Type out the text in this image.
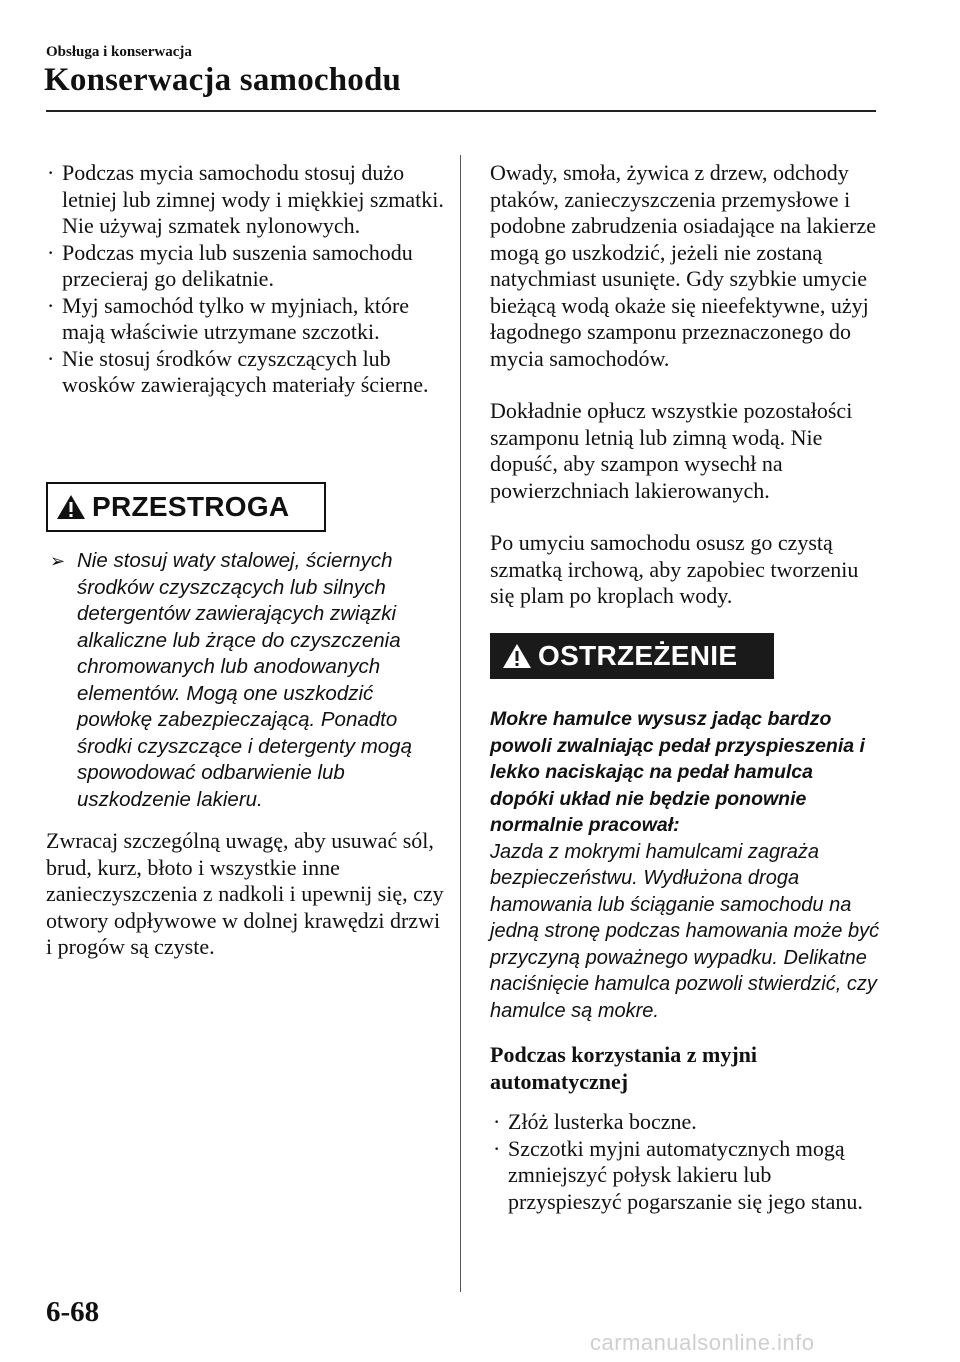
Obsługa i konserwacja
Konserwacja samochodu
· Podczas mycia samochodu stosuj dużo letniej lub zimnej wody i miękkiej szmatki. Nie używaj szmatek nylonowych.
· Podczas mycia lub suszenia samochodu przecieraj go delikatnie.
· Myj samochód tylko w myjniach, które mają właściwie utrzymane szczotki.
· Nie stosuj środków czyszczących lub wosków zawierających materiały ścierne.
PRZESTROGA
➢ Nie stosuj waty stalowej, ściernych środków czyszczących lub silnych detergentów zawierających związki alkaliczne lub żrące do czyszczenia chromowanych lub anodowanych elementów. Mogą one uszkodzić powłokę zabezpieczającą. Ponadto środki czyszczące i detergenty mogą spowodować odbarwienie lub uszkodzenie lakieru.
Zwracaj szczególną uwagę, aby usuwać sól, brud, kurz, błoto i wszystkie inne zanieczyszczenia z nadkoli i upewnij się, czy otwory odpływowe w dolnej krawędzi drzwi i progów są czyste.
Owady, smoła, żywica z drzew, odchody ptaków, zanieczyszczenia przemysłowe i podobne zabrudzenia osiadające na lakierze mogą go uszkodzić, jeżeli nie zostaną natychmiast usunięte. Gdy szybkie umycie bieżącą wodą okaże się nieefektywne, użyj łagodnego szamponu przeznaczonego do mycia samochodów.
Dokładnie opłucz wszystkie pozostałości szamponu letnią lub zimną wodą. Nie dopuść, aby szampon wysechł na powierzchniach lakierowanych.
Po umyciu samochodu osusz go czystą szmatką irchową, aby zapobiec tworzeniu się plam po kroplach wody.
OSTRZEŻENIE
Mokre hamulce wysusz jadąc bardzo powoli zwalniając pedał przyspieszenia i lekko naciskając na pedał hamulca dopóki układ nie będzie ponownie normalnie pracował:
Jazda z mokrymi hamulcami zagraża bezpieczeństwu. Wydłużona droga hamowania lub ściąganie samochodu na jedną stronę podczas hamowania może być przyczyną poważnego wypadku. Delikatne naciśnięcie hamulca pozwoli stwierdzić, czy hamulce są mokre.
Podczas korzystania z myjni automatycznej
· Złóż lusterka boczne.
· Szczotki myjni automatycznych mogą zmniejszyć połysk lakieru lub przyspieszyć pogarszanie się jego stanu.
6-68
carmanualsonline.info
